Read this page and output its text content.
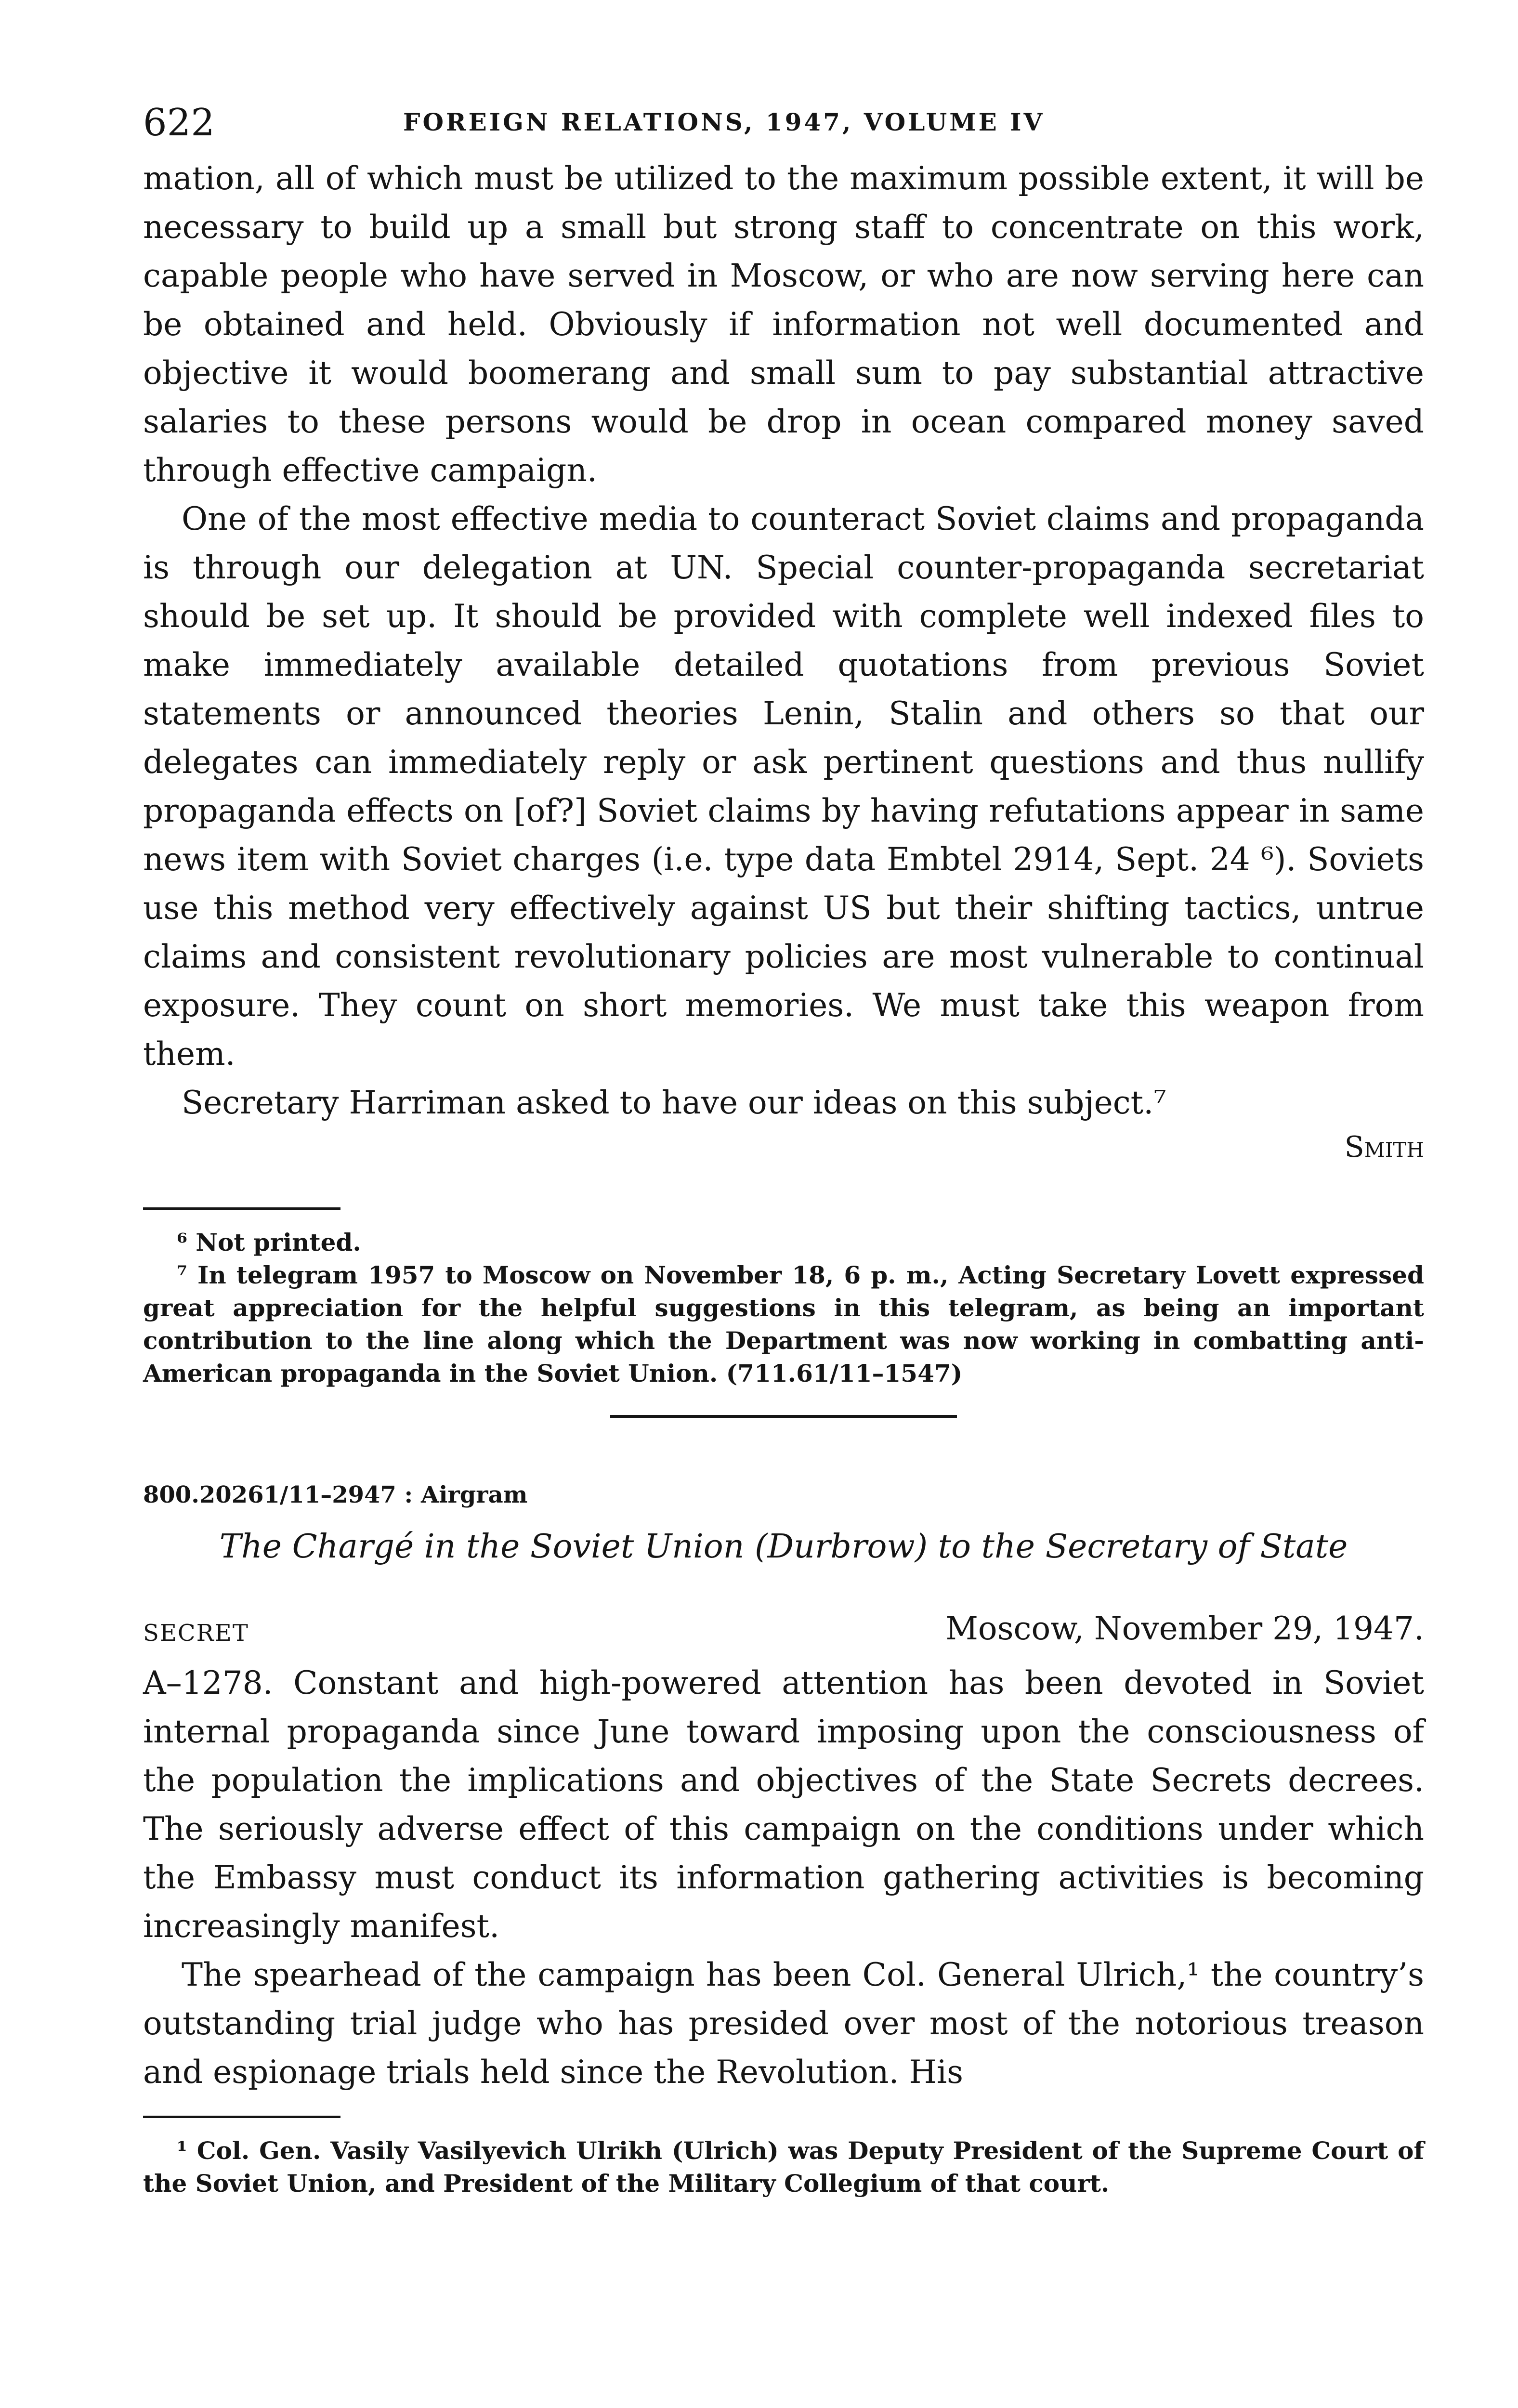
622	FOREIGN RELATIONS, 1947, VOLUME IV

mation, all of which must be utilized to the maximum possible extent, it will be necessary to build up a small but strong staff to concentrate on this work, capable people who have served in Moscow, or who are now serving here can be obtained and held. Obviously if information not well documented and objective it would boomerang and small sum to pay substantial attractive salaries to these persons would be drop in ocean compared money saved through effective campaign.

One of the most effective media to counteract Soviet claims and propaganda is through our delegation at UN. Special counter-propaganda secretariat should be set up. It should be provided with complete well indexed files to make immediately available detailed quotations from previous Soviet statements or announced theories Lenin, Stalin and others so that our delegates can immediately reply or ask pertinent questions and thus nullify propaganda effects on [of?] Soviet claims by having refutations appear in same news item with Soviet charges (i.e. type data Embtel 2914, Sept. 24 ⁶). Soviets use this method very effectively against US but their shifting tactics, untrue claims and consistent revolutionary policies are most vulnerable to continual exposure. They count on short memories. We must take this weapon from them.

Secretary Harriman asked to have our ideas on this subject.⁷

Smith

⁶ Not printed.

⁷ In telegram 1957 to Moscow on November 18, 6 p. m., Acting Secretary Lovett expressed great appreciation for the helpful suggestions in this telegram, as being an important contribution to the line along which the Department was now working in combatting anti-American propaganda in the Soviet Union. (711.61/11–1547)

800.20261/11–2947 : Airgram
The Chargé in the Soviet Union (Durbrow) to the Secretary of State
SECRET	Moscow, November 29, 1947.

A–1278. Constant and high-powered attention has been devoted in Soviet internal propaganda since June toward imposing upon the consciousness of the population the implications and objectives of the State Secrets decrees. The seriously adverse effect of this campaign on the conditions under which the Embassy must conduct its information gathering activities is becoming increasingly manifest.

The spearhead of the campaign has been Col. General Ulrich,¹ the country’s outstanding trial judge who has presided over most of the notorious treason and espionage trials held since the Revolution. His

¹ Col. Gen. Vasily Vasilyevich Ulrikh (Ulrich) was Deputy President of the Supreme Court of the Soviet Union, and President of the Military Collegium of that court.
